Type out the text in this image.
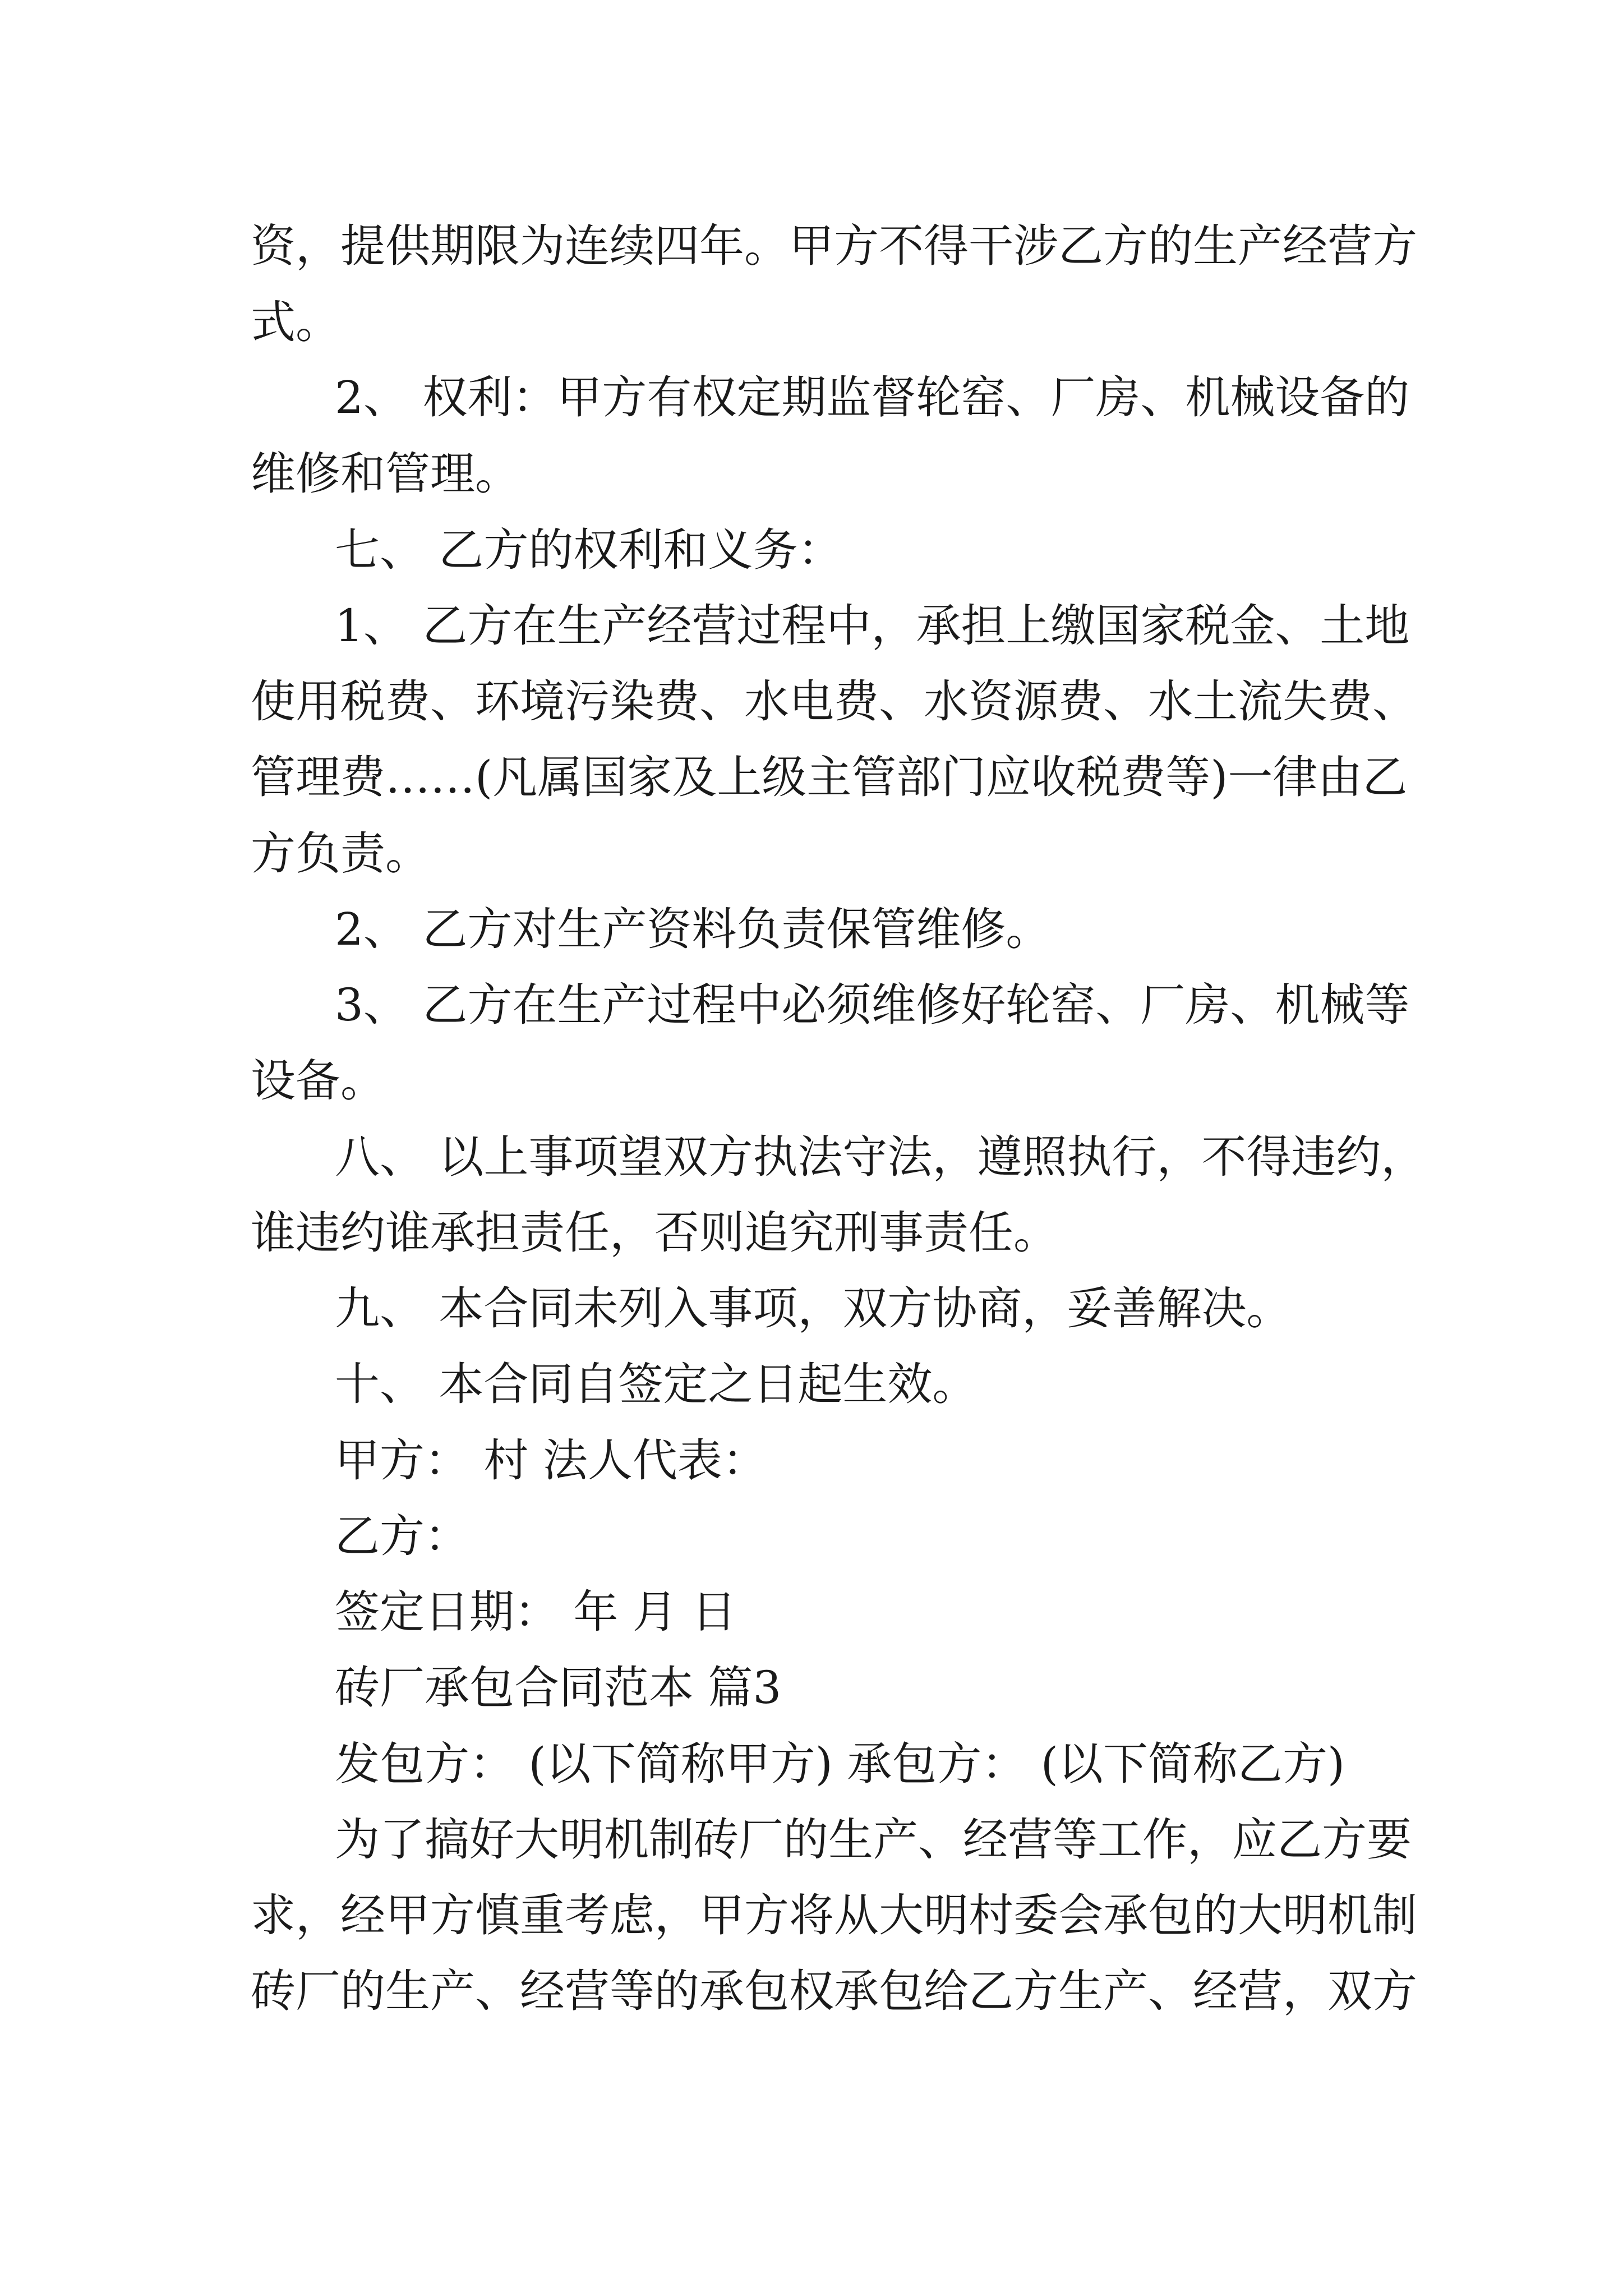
资，提供期限为连续四年。甲方不得干涉乙方的生产经营方

式。

2、 权利：甲方有权定期监督轮窑、厂房、机械设备的

维修和管理。

七、 乙方的权利和义务：

1、 乙方在生产经营过程中，承担上缴国家税金、土地

使用税费、环境污染费、水电费、水资源费、水土流失费、

管理费……(凡属国家及上级主管部门应收税费等)一律由乙

方负责。

2、 乙方对生产资料负责保管维修。

3、 乙方在生产过程中必须维修好轮窑、厂房、机械等

设备。

八、 以上事项望双方执法守法，遵照执行，不得违约，

谁违约谁承担责任，否则追究刑事责任。

九、 本合同未列入事项，双方协商，妥善解决。

十、 本合同自签定之日起生效。

甲方： 村 法人代表：

乙方：

签定日期： 年 月 日

砖厂承包合同范本 篇3

发包方： (以下简称甲方) 承包方： (以下简称乙方)

为了搞好大明机制砖厂的生产、经营等工作，应乙方要

求，经甲方慎重考虑，甲方将从大明村委会承包的大明机制

砖厂的生产、经营等的承包权承包给乙方生产、经营，双方
